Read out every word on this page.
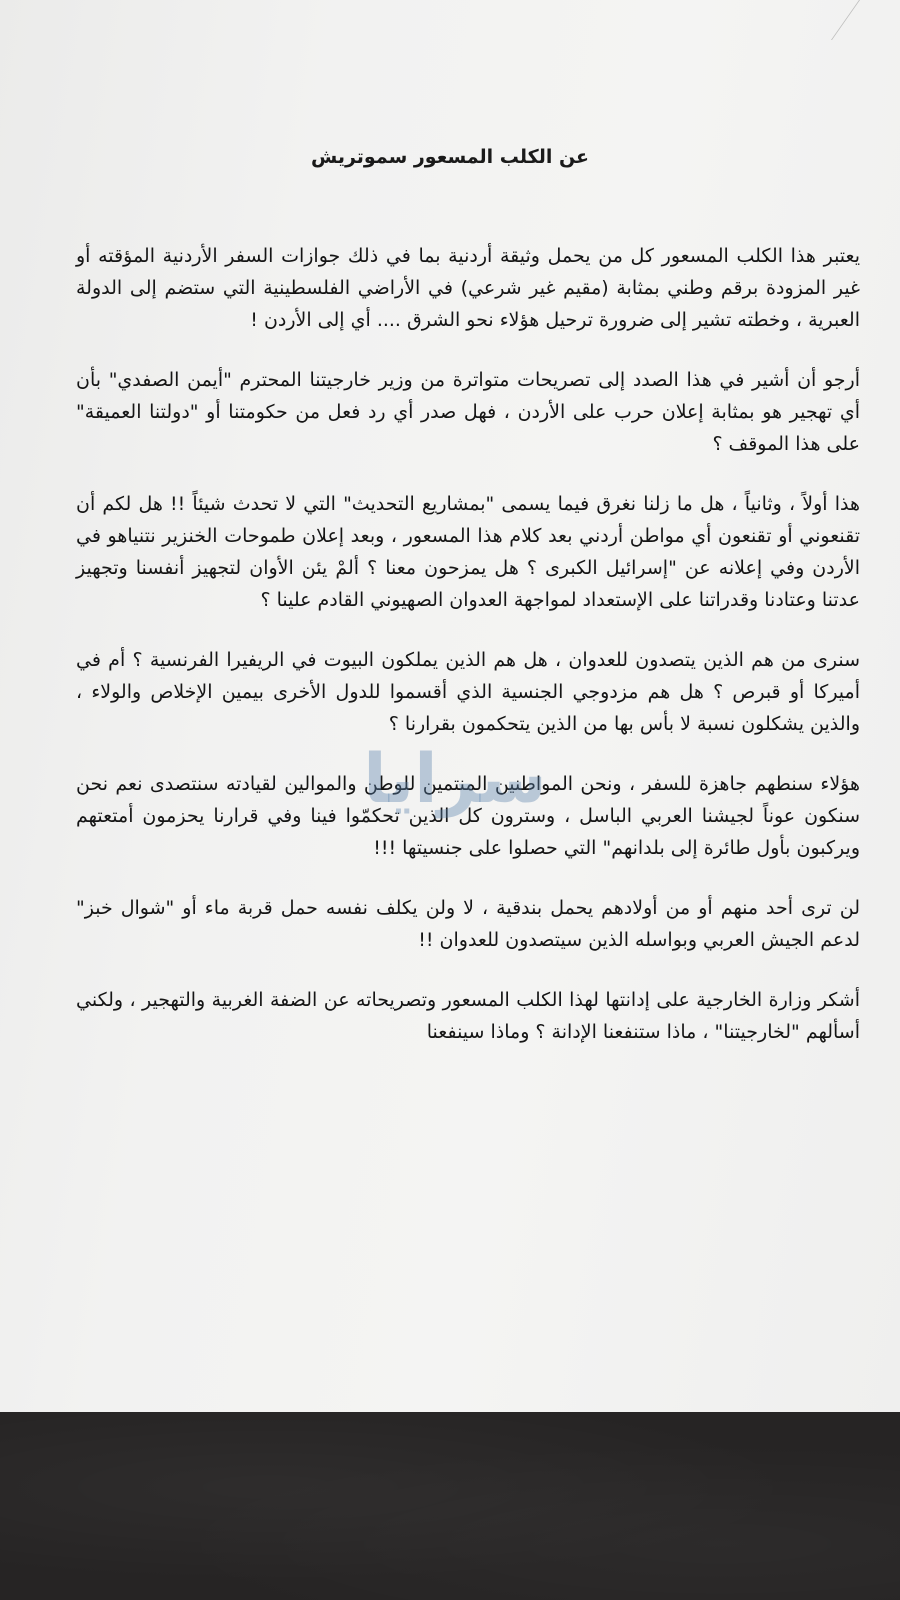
عن الكلب المسعور سموتريش

يعتبر هذا الكلب المسعور كل من يحمل وثيقة أردنية بما في ذلك جوازات السفر الأردنية المؤقته أو غير المزودة برقم وطني بمثابة (مقيم غير شرعي) في الأراضي الفلسطينية التي ستضم إلى الدولة العبرية ، وخطته تشير إلى ضرورة ترحيل هؤلاء نحو الشرق .... أي إلى الأردن !

أرجو أن أشير في هذا الصدد إلى تصريحات متواترة من وزير خارجيتنا المحترم "أيمن الصفدي" بأن أي تهجير هو بمثابة إعلان حرب على الأردن ، فهل صدر أي رد فعل من حكومتنا أو "دولتنا العميقة" على هذا الموقف ؟

هذا أولاً ، وثانياً ، هل ما زلنا نغرق فيما يسمى "بمشاريع التحديث" التي لا تحدث شيئاً !! هل لكم أن تقنعوني أو تقنعون أي مواطن أردني بعد كلام هذا المسعور ، وبعد إعلان طموحات الخنزير نتنياهو في الأردن وفي إعلانه عن "إسرائيل الكبرى ؟ هل يمزحون معنا ؟ ألمْ يئن الأوان لتجهيز أنفسنا وتجهيز عدتنا وعتادنا وقدراتنا على الإستعداد لمواجهة العدوان الصهيوني القادم علينا ؟

سنرى من هم الذين يتصدون للعدوان ، هل هم الذين يملكون البيوت في الريفيرا الفرنسية ؟ أم في أميركا أو قبرص ؟ هل هم مزدوجي الجنسية الذي أقسموا للدول الأخرى بيمين الإخلاص والولاء ، والذين يشكلون نسبة لا بأس بها من الذين يتحكمون بقرارنا ؟

هؤلاء سنطهم جاهزة للسفر ، ونحن المواطنين المنتمين للوطن والموالين لقيادته سنتصدى نعم نحن سنكون عوناً لجيشنا العربي الباسل ، وسترون كل الذين تحكمّوا فينا وفي قرارنا يحزمون أمتعتهم ويركبون بأول طائرة إلى بلدانهم" التي حصلوا على جنسيتها !!!

لن ترى أحد منهم أو من أولادهم يحمل بندقية ، لا ولن يكلف نفسه حمل قربة ماء أو "شوال خبز" لدعم الجيش العربي وبواسله الذين سيتصدون للعدوان !!

أشكر وزارة الخارجية على إدانتها لهذا الكلب المسعور وتصريحاته عن الضفة الغربية والتهجير ، ولكني أسألهم "لخارجيتنا" ، ماذا ستنفعنا الإدانة ؟ وماذا سينفعنا

سرايا
